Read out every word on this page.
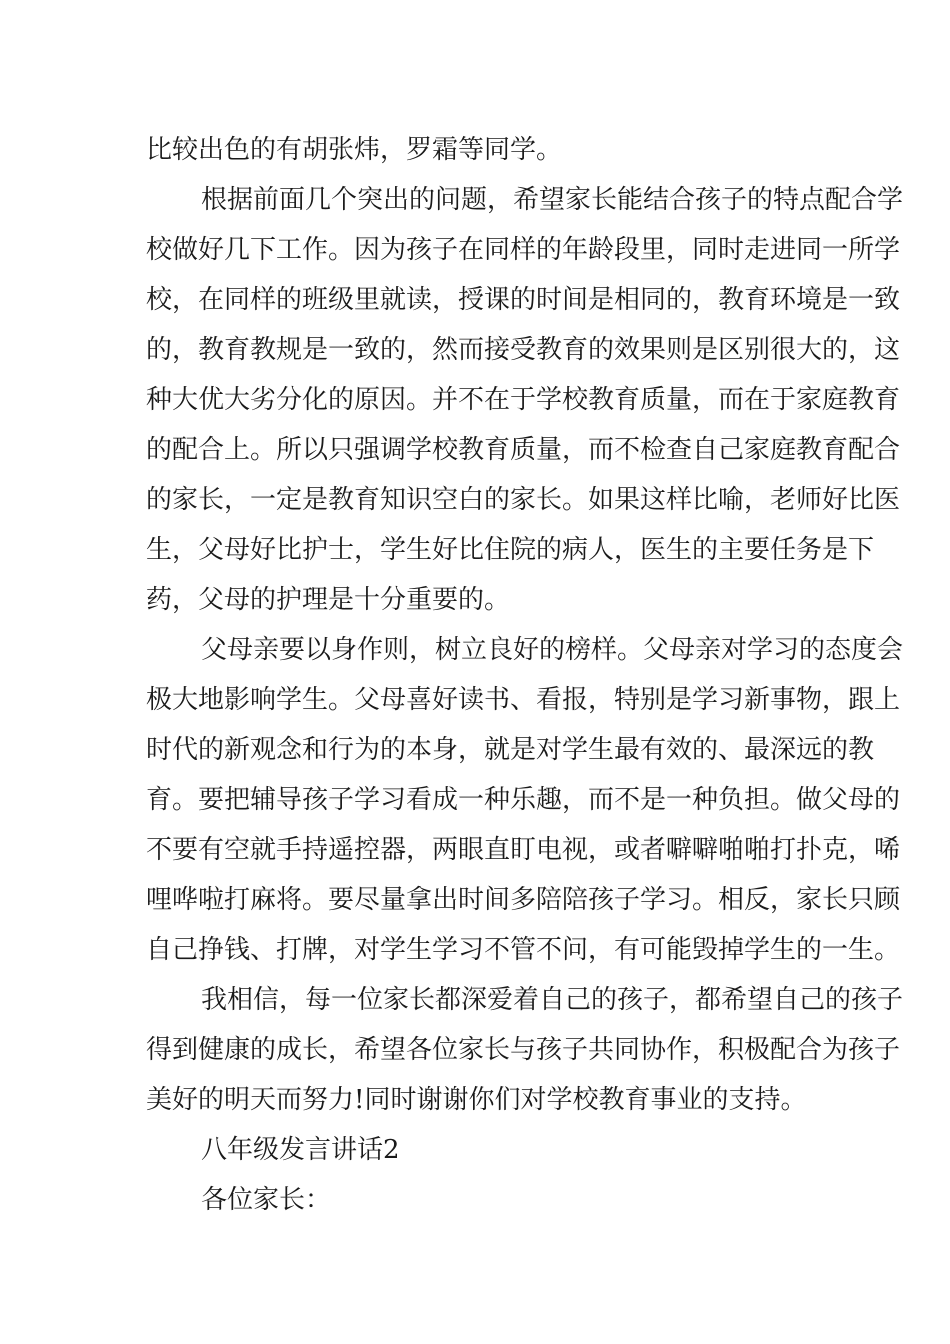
比较出色的有胡张炜，罗霜等同学。
根据前面几个突出的问题，希望家长能结合孩子的特点配合学
校做好几下工作。因为孩子在同样的年龄段里，同时走进同一所学
校，在同样的班级里就读，授课的时间是相同的，教育环境是一致
的，教育教规是一致的，然而接受教育的效果则是区别很大的，这
种大优大劣分化的原因。并不在于学校教育质量，而在于家庭教育
的配合上。所以只强调学校教育质量，而不检查自己家庭教育配合
的家长，一定是教育知识空白的家长。如果这样比喻，老师好比医
生，父母好比护士，学生好比住院的病人，医生的主要任务是下
药，父母的护理是十分重要的。
父母亲要以身作则，树立良好的榜样。父母亲对学习的态度会
极大地影响学生。父母喜好读书、看报，特别是学习新事物，跟上
时代的新观念和行为的本身，就是对学生最有效的、最深远的教
育。要把辅导孩子学习看成一种乐趣，而不是一种负担。做父母的
不要有空就手持遥控器，两眼直盯电视，或者噼噼啪啪打扑克，唏
哩哗啦打麻将。要尽量拿出时间多陪陪孩子学习。相反，家长只顾
自己挣钱、打牌，对学生学习不管不问，有可能毁掉学生的一生。
我相信，每一位家长都深爱着自己的孩子，都希望自己的孩子
得到健康的成长，希望各位家长与孩子共同协作，积极配合为孩子
美好的明天而努力!同时谢谢你们对学校教育事业的支持。
八年级发言讲话2
各位家长：
